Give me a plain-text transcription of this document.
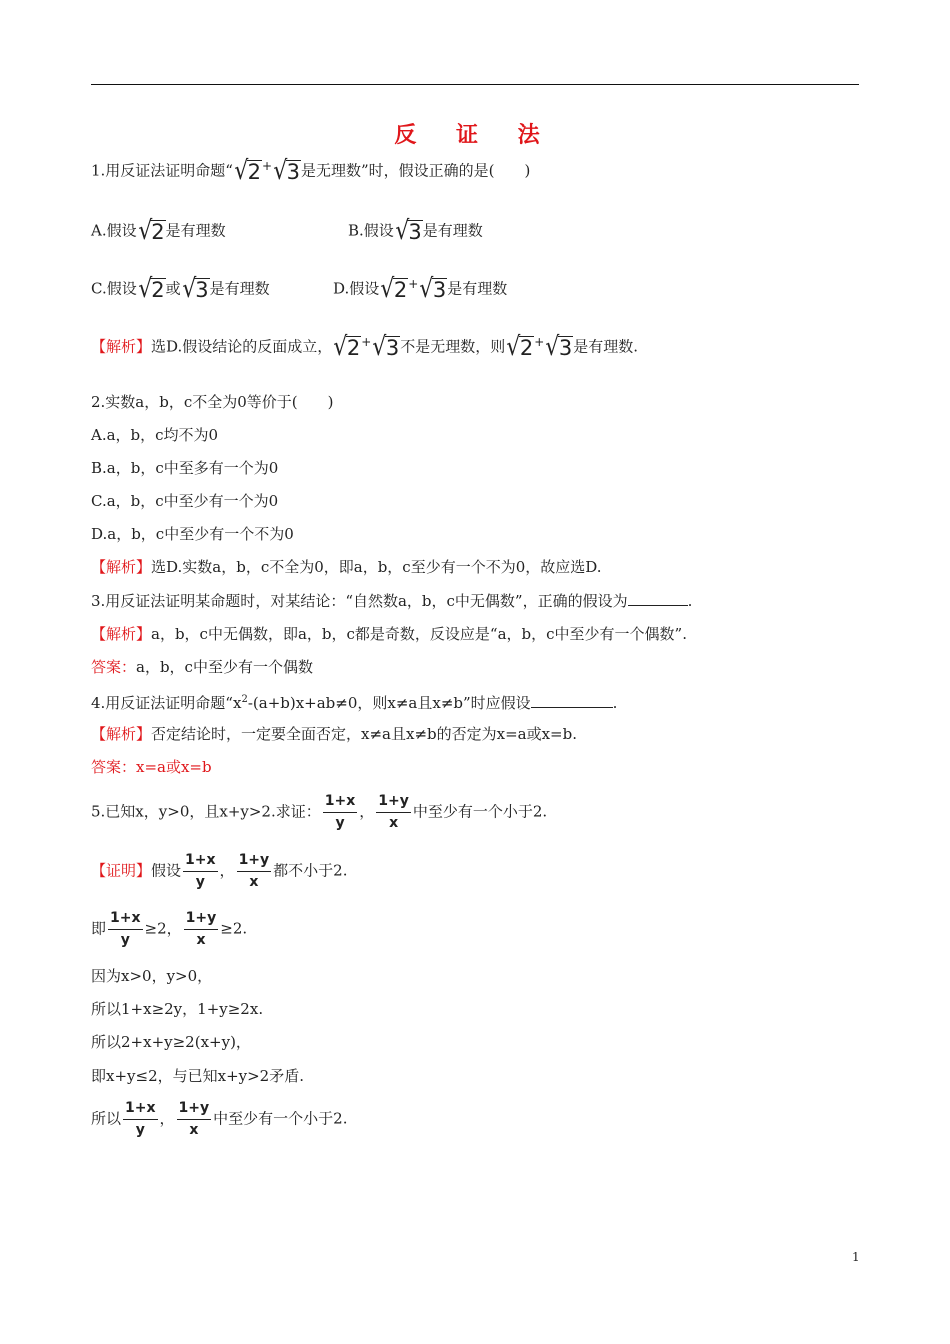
反 证 法
1.用反证法证明命题“√2+√3是无理数”时，假设正确的是(　　)
A.假设√2是有理数	B.假设√3是有理数
C.假设√2或√3是有理数	D.假设√2+√3是有理数
【解析】选D.假设结论的反面成立，√2+√3不是无理数，则√2+√3是有理数.
2.实数a，b，c不全为0等价于(　　)
A.a，b，c均不为0
B.a，b，c中至多有一个为0
C.a，b，c中至少有一个为0
D.a，b，c中至少有一个不为0
【解析】选D.实数a，b，c不全为0，即a，b，c至少有一个不为0，故应选D.
3.用反证法证明某命题时，对某结论：“自然数a，b，c中无偶数”，正确的假设为	.
【解析】a，b，c中无偶数，即a，b，c都是奇数，反设应是“a，b，c中至少有一个偶数”.
答案：a，b，c中至少有一个偶数
4.用反证法证明命题“$x^2-(a+b)x+ab\ne 0$，则x≠a且x≠b”时应假设	.
【解析】否定结论时，一定要全面否定，x≠a且x≠b的否定为x=a或x=b.
答案：x=a或x=b
5.已知x，y>0，且x+y>2.求证： $\frac{1+x}{y}$ ， $\frac{1+y}{x}$ 中至少有一个小于2.
【证明】假设 $\frac{1+x}{y}$ ， $\frac{1+y}{x}$ 都不小于2.
即 $\frac{1+x}{y} \ge 2$， $\frac{1+y}{x} \ge 2$.
因为x>0，y>0，
所以1+x≥2y，1+y≥2x.
所以2+x+y≥2(x+y)，
即x+y≤2，与已知x+y>2矛盾.
所以 $\frac{1+x}{y}$ ， $\frac{1+y}{x}$ 中至少有一个小于2.
1
